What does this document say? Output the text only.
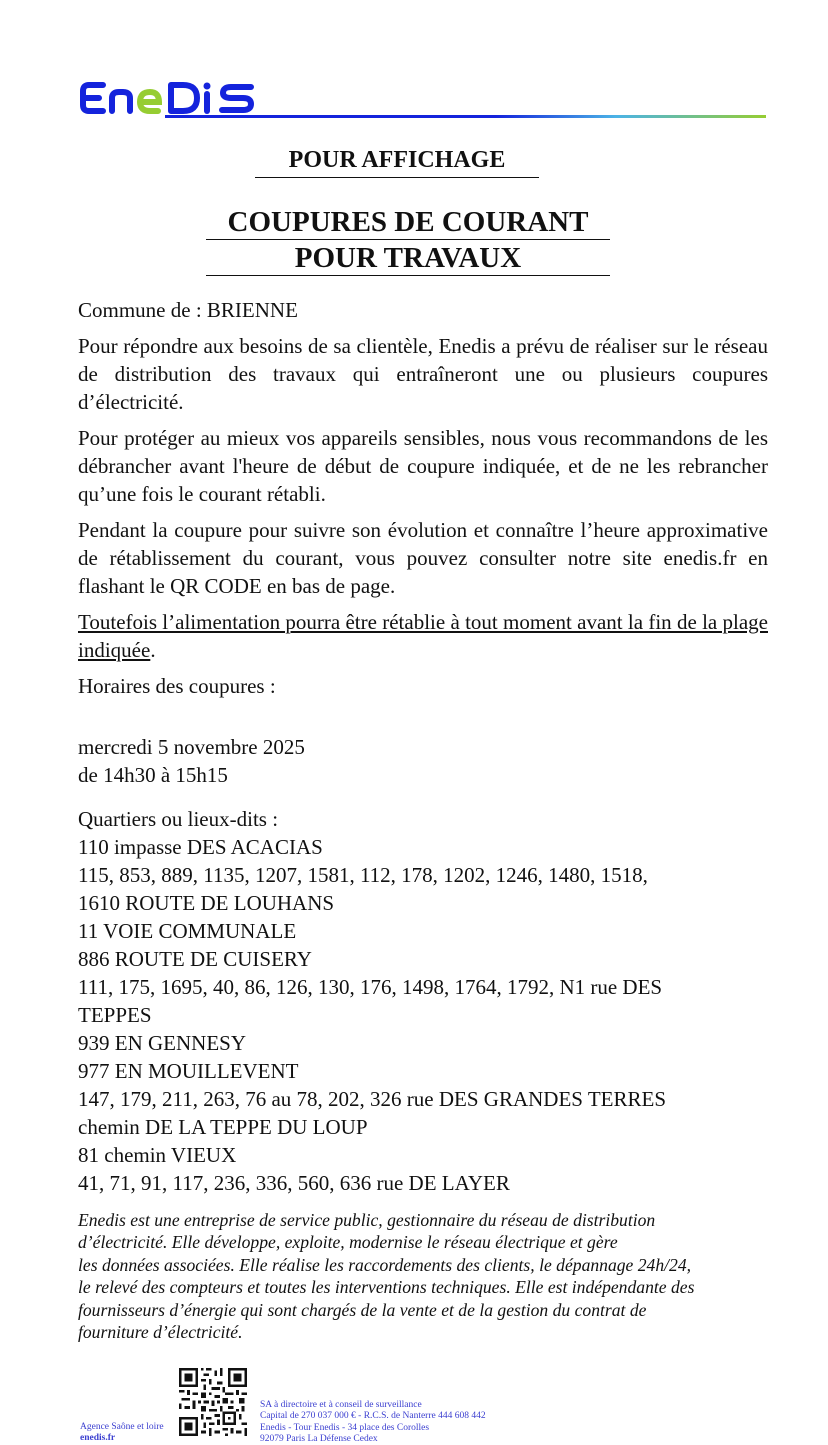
POUR AFFICHAGE
COUPURES DE COURANT
POUR TRAVAUX
Commune de : BRIENNE
Pour répondre aux besoins de sa clientèle, Enedis a prévu de réaliser sur le réseau de distribution des travaux qui entraîneront une ou plusieurs coupures d’électricité.
Pour protéger au mieux vos appareils sensibles, nous vous recommandons de les débrancher avant l'heure de début de coupure indiquée, et de ne les rebrancher qu’une fois le courant rétabli.
Pendant la coupure pour suivre son évolution et connaître l’heure approximative de rétablissement du courant, vous pouvez consulter notre site enedis.fr en flashant le QR CODE en bas de page.
Toutefois l’alimentation pourra être rétablie à tout moment avant la fin de la plage indiquée.
Horaires des coupures :
mercredi 5 novembre 2025
de 14h30 à 15h15
Quartiers ou lieux-dits :
110 impasse DES ACACIAS
115, 853, 889, 1135, 1207, 1581, 112, 178, 1202, 1246, 1480, 1518,
1610 ROUTE DE LOUHANS
11 VOIE COMMUNALE
886 ROUTE DE CUISERY
111, 175, 1695, 40, 86, 126, 130, 176, 1498, 1764, 1792, N1 rue DES
TEPPES
939 EN GENNESY
977 EN MOUILLEVENT
147, 179, 211, 263, 76 au 78, 202, 326 rue DES GRANDES TERRES
chemin DE LA TEPPE DU LOUP
81 chemin VIEUX
41, 71, 91, 117, 236, 336, 560, 636 rue DE LAYER
Enedis est une entreprise de service public, gestionnaire du réseau de distribution
d’électricité. Elle développe, exploite, modernise le réseau électrique et gère
les données associées. Elle réalise les raccordements des clients, le dépannage 24h/24,
le relevé des compteurs et toutes les interventions techniques. Elle est indépendante des
fournisseurs d’énergie qui sont chargés de la vente et de la gestion du contrat de
fourniture d’électricité.
Agence Saône et loire
enedis.fr
SA à directoire et à conseil de surveillance
Capital de 270 037 000 € - R.C.S. de Nanterre 444 608 442
Enedis - Tour Enedis - 34 place des Corolles
92079 Paris La Défense Cedex
